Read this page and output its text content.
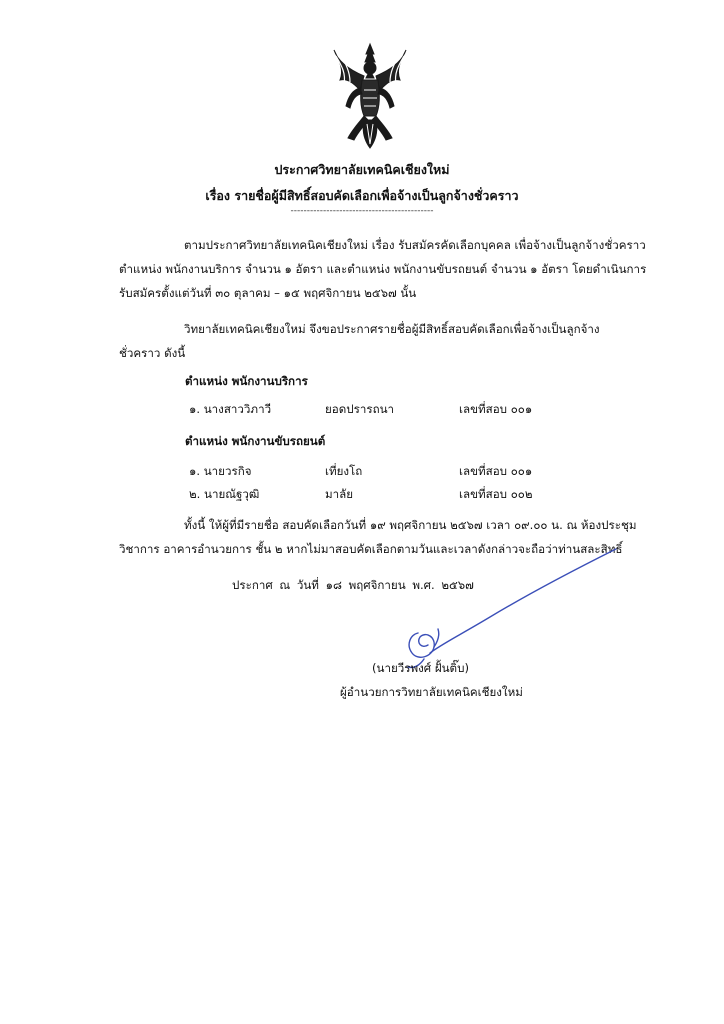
ประกาศวิทยาลัยเทคนิคเชียงใหม่
เรื่อง รายชื่อผู้มีสิทธิ์สอบคัดเลือกเพื่อจ้างเป็นลูกจ้างชั่วคราว
--------------------------------------------
ตามประกาศวิทยาลัยเทคนิคเชียงใหม่ เรื่อง รับสมัครคัดเลือกบุคคล เพื่อจ้างเป็นลูกจ้างชั่วคราว
ตำแหน่ง พนักงานบริการ จำนวน ๑ อัตรา และตำแหน่ง พนักงานขับรถยนต์ จำนวน ๑ อัตรา โดยดำเนินการ
รับสมัครตั้งแต่วันที่ ๓๐ ตุลาคม – ๑๕ พฤศจิกายน ๒๕๖๗ นั้น
วิทยาลัยเทคนิคเชียงใหม่ จึงขอประกาศรายชื่อผู้มีสิทธิ์สอบคัดเลือกเพื่อจ้างเป็นลูกจ้าง
ชั่วคราว ดังนี้
ตำแหน่ง พนักงานบริการ
๑. นางสาววิภาวี	ยอดปรารถนา	เลขที่สอบ ๐๐๑
ตำแหน่ง พนักงานขับรถยนต์
๑. นายวรกิจ	เที่ยงโถ	เลขที่สอบ ๐๐๑
๒. นายณัฐวุฒิ	มาลัย	เลขที่สอบ ๐๐๒
ทั้งนี้ ให้ผู้ที่มีรายชื่อ สอบคัดเลือกวันที่ ๑๙ พฤศจิกายน ๒๕๖๗ เวลา ๐๙.๐๐ น. ณ ห้องประชุม
วิชาการ อาคารอำนวยการ ชั้น ๒ หากไม่มาสอบคัดเลือกตามวันและเวลาดังกล่าวจะถือว่าท่านสละสิทธิ์
ประกาศ ณ วันที่ ๑๘ พฤศจิกายน พ.ศ. ๒๕๖๗
(นายวีรพงศ์ ฝั้นติ๊บ)
ผู้อำนวยการวิทยาลัยเทคนิคเชียงใหม่
